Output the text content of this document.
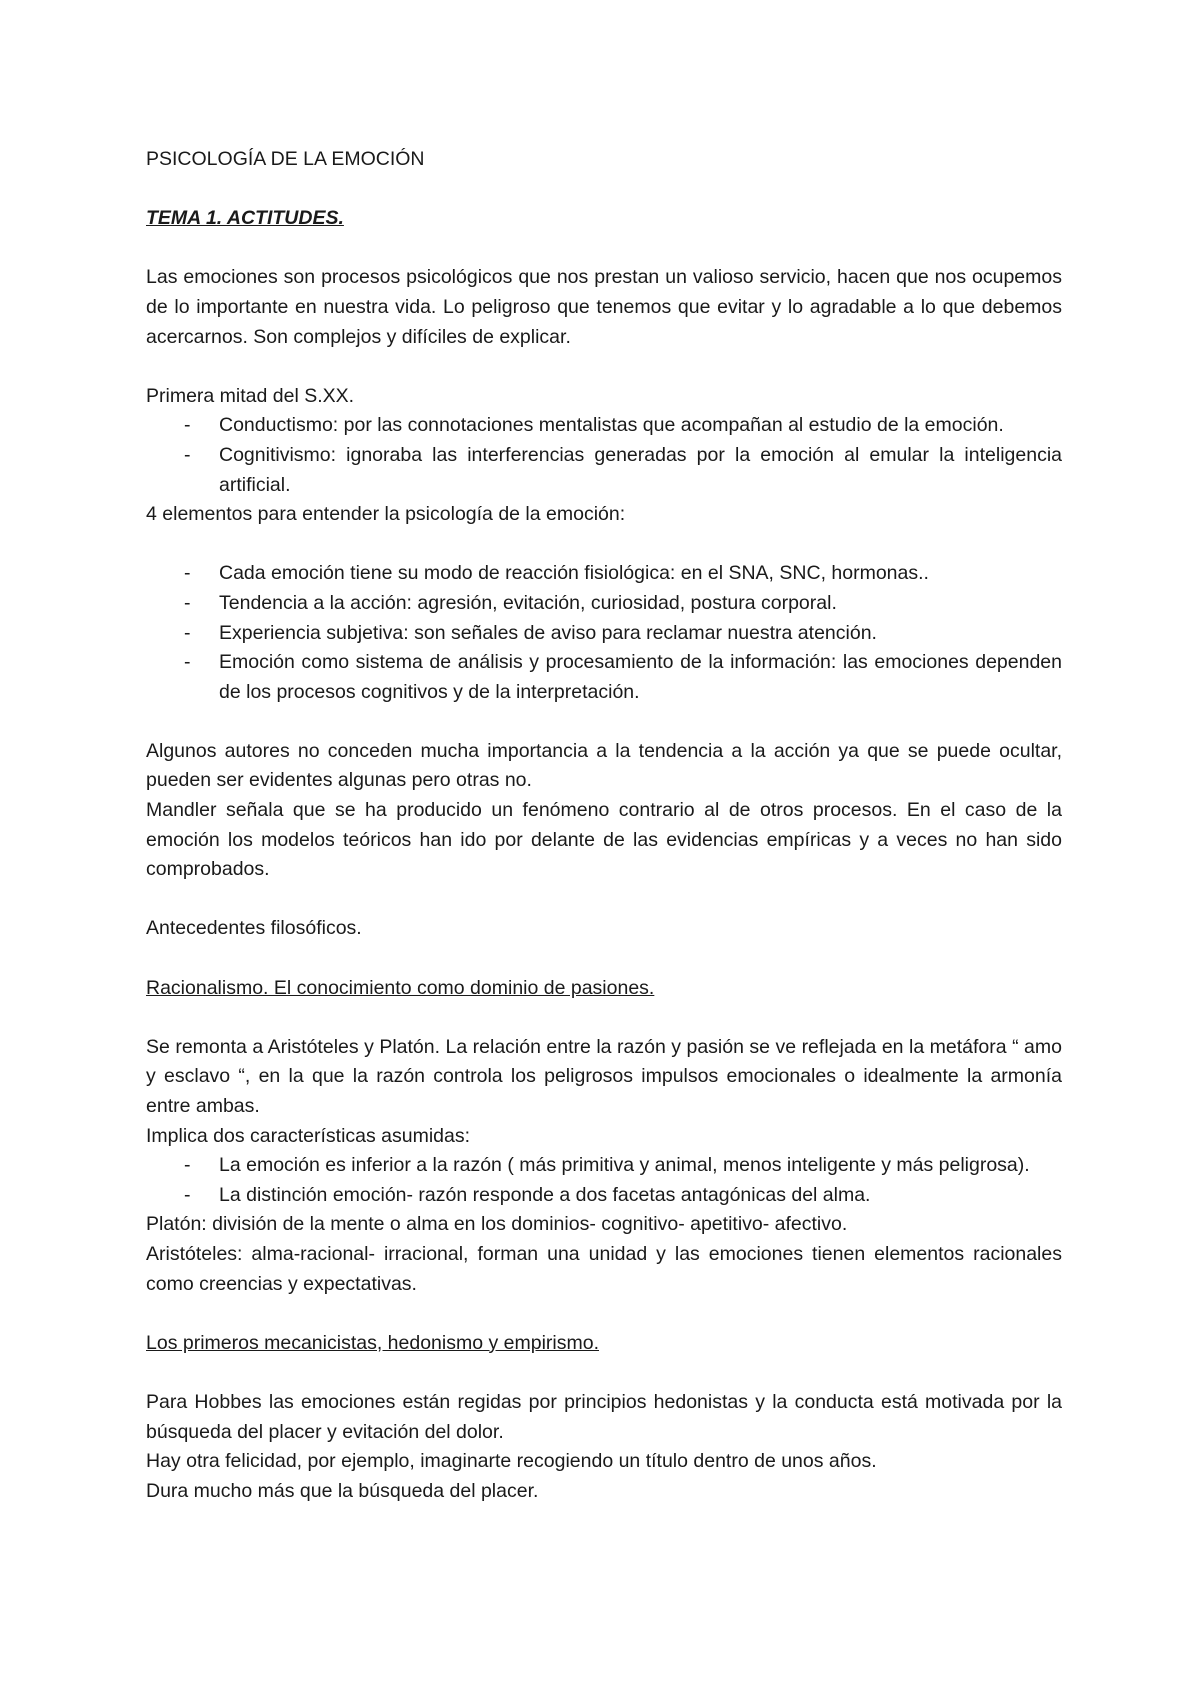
PSICOLOGÍA DE LA EMOCIÓN

TEMA 1. ACTITUDES.

Las emociones son procesos psicológicos que nos prestan un valioso servicio, hacen que nos ocupemos de lo importante en nuestra vida. Lo peligroso que tenemos que evitar y lo agradable a lo que debemos acercarnos. Son complejos y difíciles de explicar.

Primera mitad del S.XX.

- Conductismo: por las connotaciones mentalistas que acompañan al estudio de la emoción.
- Cognitivismo: ignoraba las interferencias generadas por la emoción al emular la inteligencia artificial.

4 elementos para entender la psicología de la emoción:

- Cada emoción tiene su modo de reacción fisiológica: en el SNA, SNC, hormonas..
- Tendencia a la acción: agresión, evitación, curiosidad, postura corporal.
- Experiencia subjetiva: son señales de aviso para reclamar nuestra atención.
- Emoción como sistema de análisis y procesamiento de la información: las emociones dependen de los procesos cognitivos y de la interpretación.

Algunos autores no conceden mucha importancia a la tendencia a la acción ya que se puede ocultar, pueden ser evidentes algunas pero otras no.

Mandler señala que se ha producido un fenómeno contrario al de otros procesos. En el caso de la emoción los modelos teóricos han ido por delante de las evidencias empíricas y a veces no han sido comprobados.

Antecedentes filosóficos.

Racionalismo. El conocimiento como dominio de pasiones.

Se remonta a Aristóteles y Platón. La relación entre la razón y pasión se ve reflejada en la metáfora “ amo y esclavo “, en la que la razón controla los peligrosos impulsos emocionales o idealmente la armonía entre ambas.

Implica dos características asumidas:

- La emoción es inferior a la razón ( más primitiva y animal, menos inteligente y más peligrosa).
- La distinción emoción- razón responde a dos facetas antagónicas del alma.

Platón: división de la mente o alma en los dominios- cognitivo- apetitivo- afectivo.

Aristóteles: alma-racional- irracional, forman una unidad y las emociones tienen elementos racionales como creencias y expectativas.

Los primeros mecanicistas, hedonismo y empirismo.

Para Hobbes las emociones están regidas por principios hedonistas y la conducta está motivada por la búsqueda del placer y evitación del dolor.

Hay otra felicidad, por ejemplo, imaginarte recogiendo un título dentro de unos años.

Dura mucho más que la búsqueda del placer.
